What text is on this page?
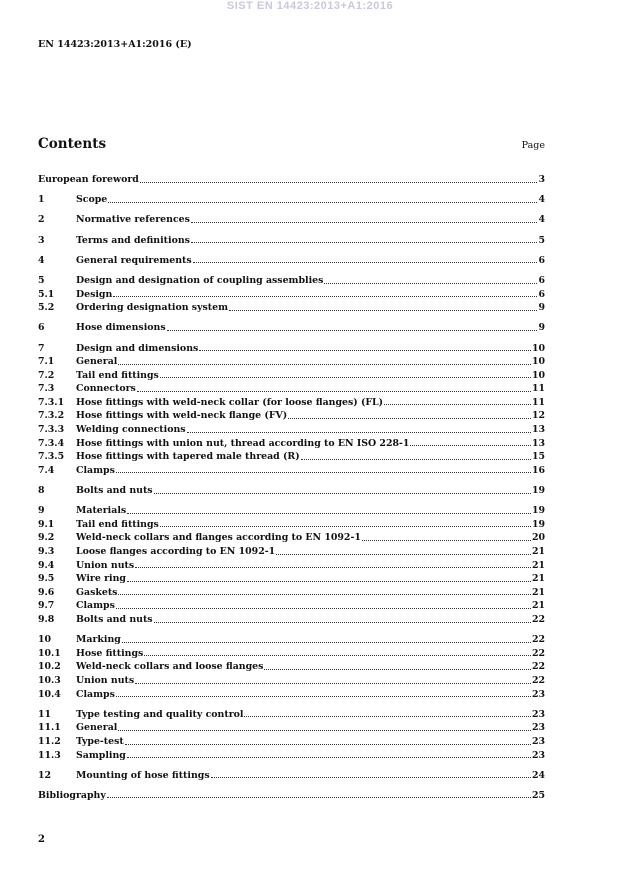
SIST EN 14423:2013+A1:2016
EN 14423:2013+A1:2016 (E)
Contents	Page
European foreword	3
1	Scope	4
2	Normative references	4
3	Terms and definitions	5
4	General requirements	6
5	Design and designation of coupling assemblies	6
5.1	Design	6
5.2	Ordering designation system	9
6	Hose dimensions	9
7	Design and dimensions	10
7.1	General	10
7.2	Tail end fittings	10
7.3	Connectors	11
7.3.1	Hose fittings with weld-neck collar (for loose flanges) (FL)	11
7.3.2	Hose fittings with weld-neck flange (FV)	12
7.3.3	Welding connections	13
7.3.4	Hose fittings with union nut, thread according to EN ISO 228-1	13
7.3.5	Hose fittings with tapered male thread (R)	15
7.4	Clamps	16
8	Bolts and nuts	19
9	Materials	19
9.1	Tail end fittings	19
9.2	Weld-neck collars and flanges according to EN 1092-1	20
9.3	Loose flanges according to EN 1092-1	21
9.4	Union nuts	21
9.5	Wire ring	21
9.6	Gaskets	21
9.7	Clamps	21
9.8	Bolts and nuts	22
10	Marking	22
10.1	Hose fittings	22
10.2	Weld-neck collars and loose flanges	22
10.3	Union nuts	22
10.4	Clamps	23
11	Type testing and quality control	23
11.1	General	23
11.2	Type-test	23
11.3	Sampling	23
12	Mounting of hose fittings	24
Bibliography	25
2
